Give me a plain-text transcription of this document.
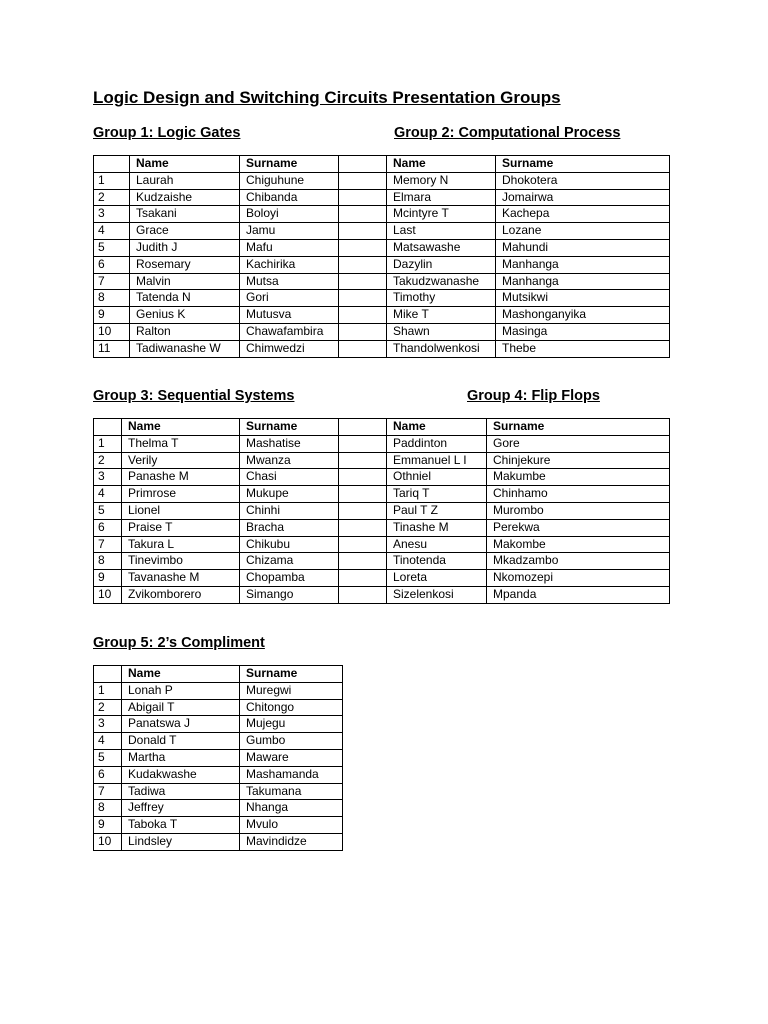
Logic Design and Switching Circuits Presentation Groups
Group 1: Logic Gates	Group 2: Computational Process
	Name	Surname		Name	Surname
1	Laurah	Chiguhune		Memory N	Dhokotera
2	Kudzaishe	Chibanda		Elmara	Jomairwa
3	Tsakani	Boloyi		Mcintyre T	Kachepa
4	Grace	Jamu		Last	Lozane
5	Judith J	Mafu		Matsawashe	Mahundi
6	Rosemary	Kachirika		Dazylin	Manhanga
7	Malvin	Mutsa		Takudzwanashe	Manhanga
8	Tatenda N	Gori		Timothy	Mutsikwi
9	Genius K	Mutusva		Mike T	Mashonganyika
10	Ralton	Chawafambira		Shawn	Masinga
11	Tadiwanashe W	Chimwedzi		Thandolwenkosi	Thebe
Group 3: Sequential Systems	Group 4: Flip Flops
	Name	Surname		Name	Surname
1	Thelma T	Mashatise		Paddinton	Gore
2	Verily	Mwanza		Emmanuel L I	Chinjekure
3	Panashe M	Chasi		Othniel	Makumbe
4	Primrose	Mukupe		Tariq T	Chinhamo
5	Lionel	Chinhi		Paul T Z	Murombo
6	Praise T	Bracha		Tinashe M	Perekwa
7	Takura L	Chikubu		Anesu	Makombe
8	Tinevimbo	Chizama		Tinotenda	Mkadzambo
9	Tavanashe M	Chopamba		Loreta	Nkomozepi
10	Zvikomborero	Simango		Sizelenkosi	Mpanda
Group 5: 2’s Compliment
	Name	Surname
1	Lonah P	Muregwi
2	Abigail T	Chitongo
3	Panatswa J	Mujegu
4	Donald T	Gumbo
5	Martha	Maware
6	Kudakwashe	Mashamanda
7	Tadiwa	Takumana
8	Jeffrey	Nhanga
9	Taboka T	Mvulo
10	Lindsley	Mavindidze
